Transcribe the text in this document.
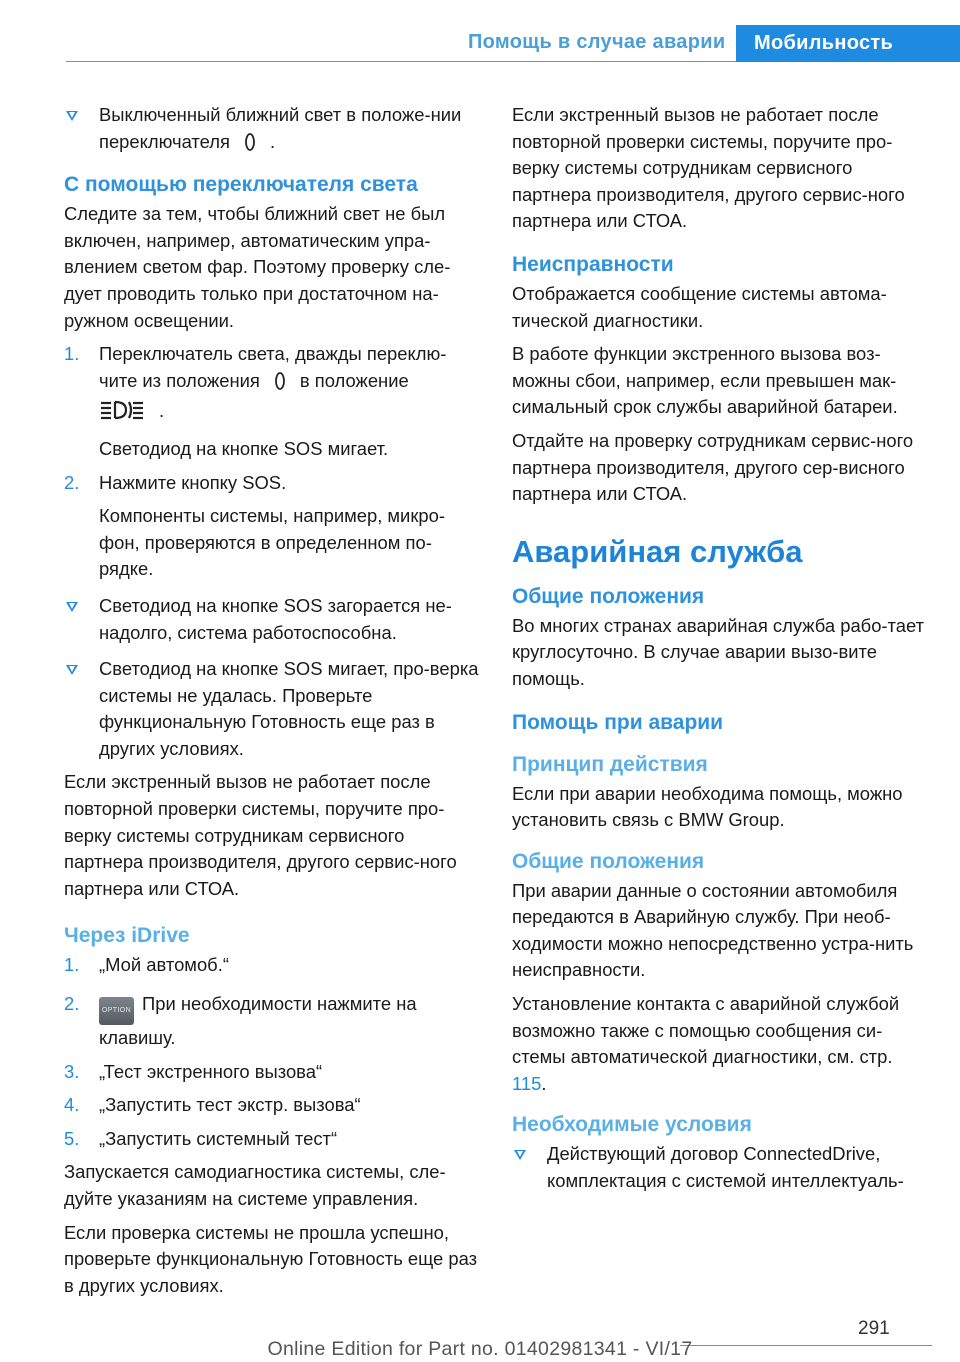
Помощь в случае аварии	Мобильность
Выключенный ближний свет в положе‐нии переключателя .
С помощью переключателя света

Следите за тем, чтобы ближний свет не был включен, например, автоматическим упра‐влением светом фар. Поэтому проверку сле‐дует проводить только при достаточном на‐ружном освещении.

1. Переключатель света, дважды переклю‐чите из положения в положение
.

Светодиод на кнопке SOS мигает.

2. Нажмите кнопку SOS.

Компоненты системы, например, микро‐фон, проверяются в определенном по‐рядке.

Светодиод на кнопке SOS загорается не‐надолго, система работоспособна.
Светодиод на кнопке SOS мигает, про‐верка системы не удалась. Проверьте функциональную Готовность еще раз в других условиях.

Если экстренный вызов не работает после повторной проверки системы, поручите про‐верку системы сотрудникам сервисного партнера производителя, другого сервис‐ного партнера или СТОА.

Через iDrive
1. „Мой автомоб.“
2.	OPTION При необходимости нажмите на клавишу.
3. „Тест экстренного вызова“
4. „Запустить тест экстр. вызова“
5. „Запустить системный тест“

Запускается самодиагностика системы, сле‐дуйте указаниям на системе управления.

Если проверка системы не прошла успешно, проверьте функциональную Готовность еще раз в других условиях.

Если экстренный вызов не работает после повторной проверки системы, поручите про‐верку системы сотрудникам сервисного партнера производителя, другого сервис‐ного партнера или СТОА.

Неисправности

Отображается сообщение системы автома‐тической диагностики.

В работе функции экстренного вызова воз‐можны сбои, например, если превышен мак‐симальный срок службы аварийной батареи.

Отдайте на проверку сотрудникам сервис‐ного партнера производителя, другого сер‐висного партнера или СТОА.

Аварийная служба
Общие положения

Во многих странах аварийная служба рабо‐тает круглосуточно. В случае аварии вызо‐вите помощь.

Помощь при аварии
Принцип действия

Если при аварии необходима помощь, можно установить связь с BMW Group.

Общие положения

При аварии данные о состоянии автомобиля передаются в Аварийную службу. При необ‐ходимости можно непосредственно устра‐нить неисправности.

Установление контакта с аварийной службой возможно также с помощью сообщения си‐стемы автоматической диагностики, см. стр. 115.

Необходимые условия
Действующий договор ConnectedDrive, комплектация с системой интеллектуаль‐
291
Online Edition for Part no. 01402981341 - VI/17
